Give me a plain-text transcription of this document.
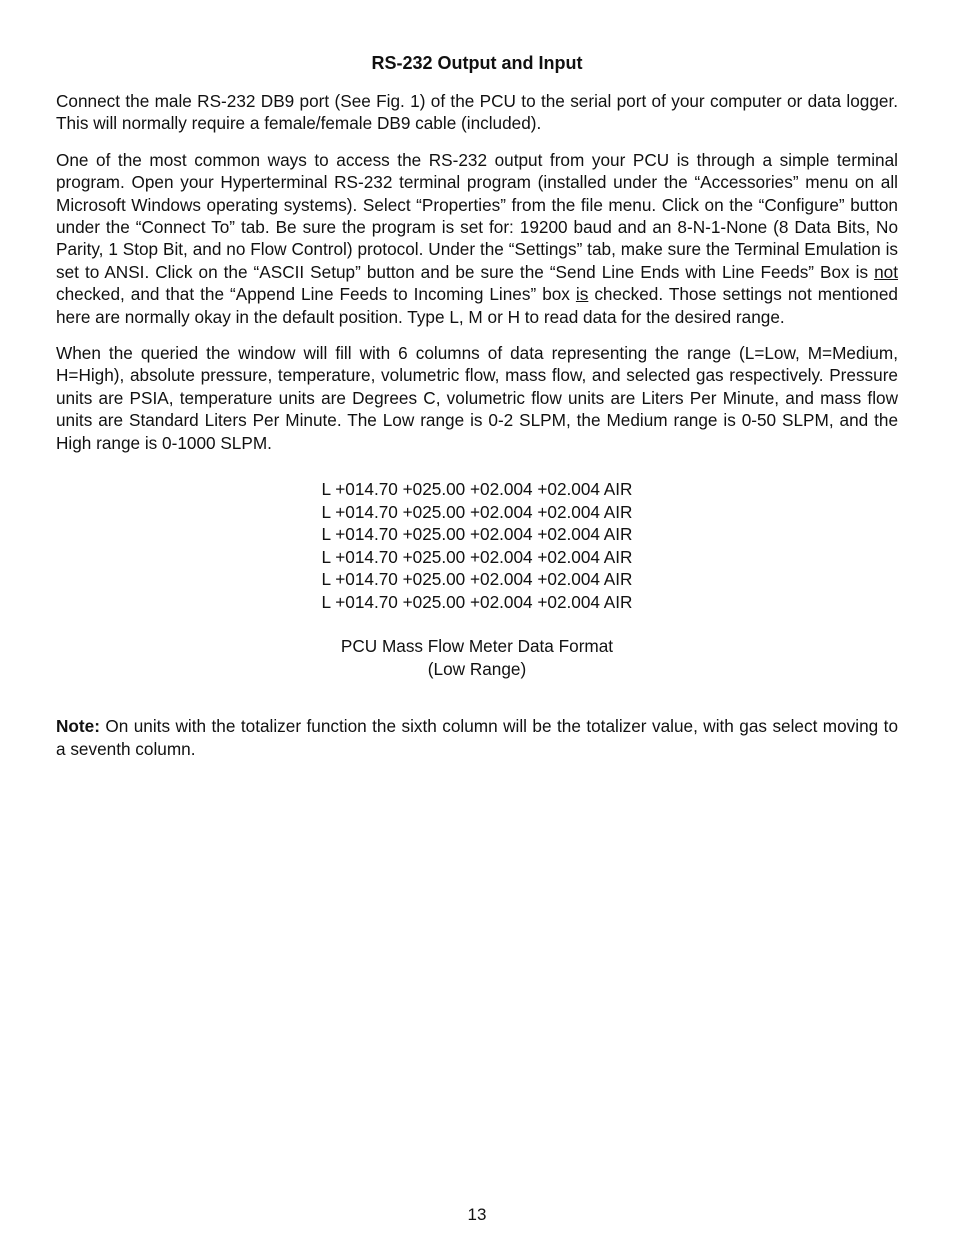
RS-232 Output and Input

Connect the male RS-232 DB9 port (See Fig. 1) of the PCU to the serial port of your computer or data logger. This will normally require a female/female DB9 cable (included).

One of the most common ways to access the RS-232 output from your PCU is through a simple terminal program. Open your Hyperterminal RS-232 terminal program (installed under the “Accessories” menu on all Microsoft Windows operating systems). Select “Properties” from the file menu. Click on the “Configure” button under the “Connect To” tab. Be sure the program is set for: 19200 baud and an 8-N-1-None (8 Data Bits, No Parity, 1 Stop Bit, and no Flow Control) protocol. Under the “Settings” tab, make sure the Terminal Emulation is set to ANSI. Click on the “ASCII Setup” button and be sure the “Send Line Ends with Line Feeds” Box is not checked, and that the “Append Line Feeds to Incoming Lines” box is checked. Those settings not mentioned here are normally okay in the default position. Type L, M or H to read data for the desired range.

When the queried the window will fill with 6 columns of data representing the range (L=Low, M=Medium, H=High), absolute pressure, temperature, volumetric flow, mass flow, and selected gas respectively. Pressure units are PSIA, temperature units are Degrees C, volumetric flow units are Liters Per Minute, and mass flow units are Standard Liters Per Minute. The Low range is 0-2 SLPM, the Medium range is 0-50 SLPM, and the High range is 0-1000 SLPM.

L +014.70 +025.00 +02.004 +02.004 AIR
L +014.70 +025.00 +02.004 +02.004 AIR
L +014.70 +025.00 +02.004 +02.004 AIR
L +014.70 +025.00 +02.004 +02.004 AIR
L +014.70 +025.00 +02.004 +02.004 AIR
L +014.70 +025.00 +02.004 +02.004 AIR
PCU Mass Flow Meter Data Format
(Low Range)

Note: On units with the totalizer function the sixth column will be the totalizer value, with gas select moving to a seventh column.

13
